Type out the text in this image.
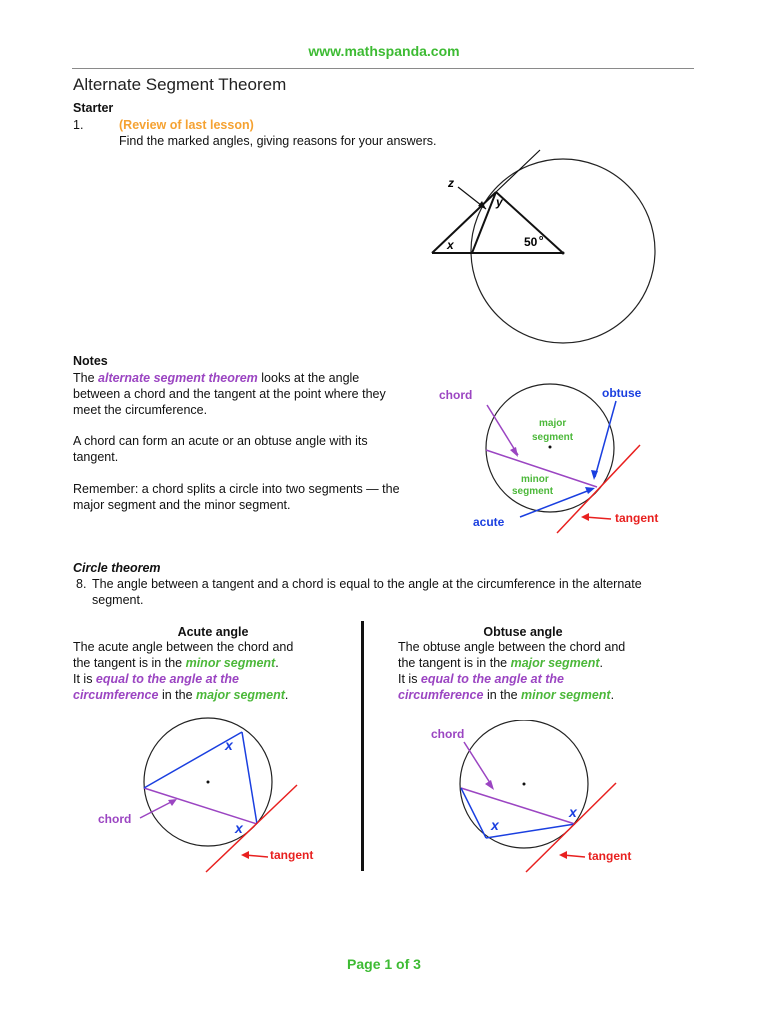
www.mathspanda.com
Alternate Segment Theorem
Starter
1.	(Review of last lesson)
Find the marked angles, giving reasons for your answers.
z
y
x	50 o
Notes
The alternate segment theorem looks at the angle between a chord and the tangent at the point where they meet the circumference.
A chord can form an acute or an obtuse angle with its tangent.
Remember: a chord splits a circle into two segments — the major segment and the minor segment.
chord	obtuse
major
segment
minor
segment
acute	tangent
Circle theorem
8. The angle between a tangent and a chord is equal to the angle at the circumference in the alternate segment.
Acute angle
The acute angle between the chord and
the tangent is in the minor segment.
It is equal to the angle at the
circumference in the major segment.
x
x
chord
tangent
Obtuse angle
The obtuse angle between the chord and
the tangent is in the major segment.
It is equal to the angle at the
circumference in the minor segment.
chord
x
x
tangent
Page 1 of 3
